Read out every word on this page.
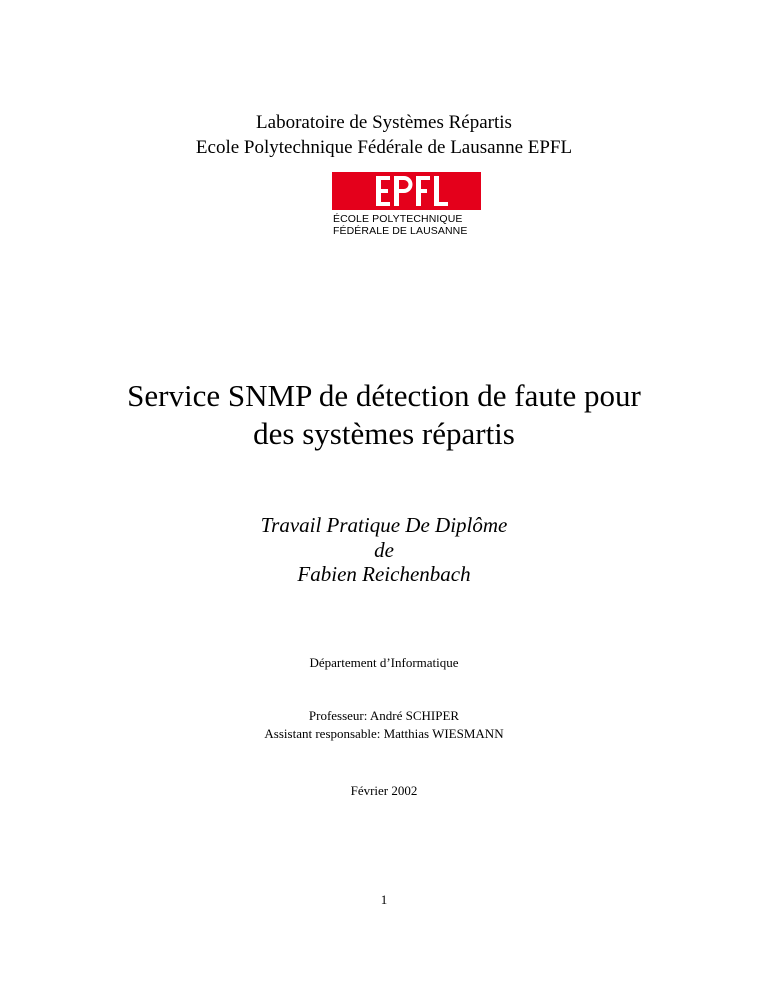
Laboratoire de Systèmes Répartis
Ecole Polytechnique Fédérale de Lausanne EPFL
ÉCOLE POLYTECHNIQUE
FÉDÉRALE DE LAUSANNE
Service SNMP de détection de faute pour
des systèmes répartis
Travail Pratique De Diplôme
de
Fabien Reichenbach
Département d’Informatique
Professeur: André SCHIPER
Assistant responsable: Matthias WIESMANN
Février 2002
1
